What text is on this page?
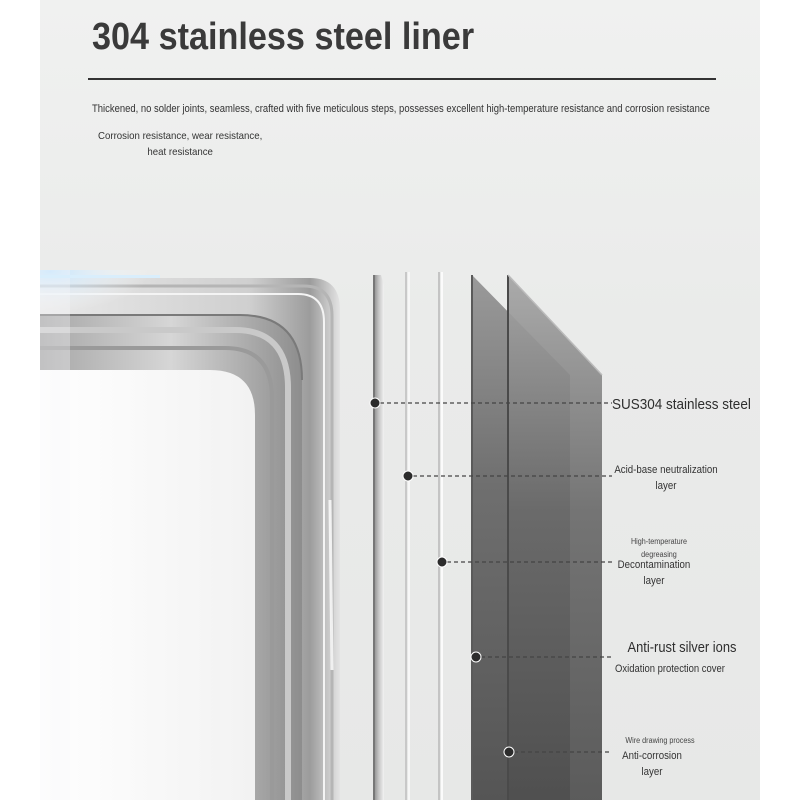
304 stainless steel liner
Thickened, no solder joints, seamless, crafted with five meticulous steps, possesses excellent high-temperature resistance and corrosion resistance
Corrosion resistance, wear resistance, heat resistance
SUS304 stainless steel
Acid-base neutralization layer
High-temperature degreasing
Decontamination layer
Anti-rust silver ions
Oxidation protection cover
Wire drawing process
Anti-corrosion layer
